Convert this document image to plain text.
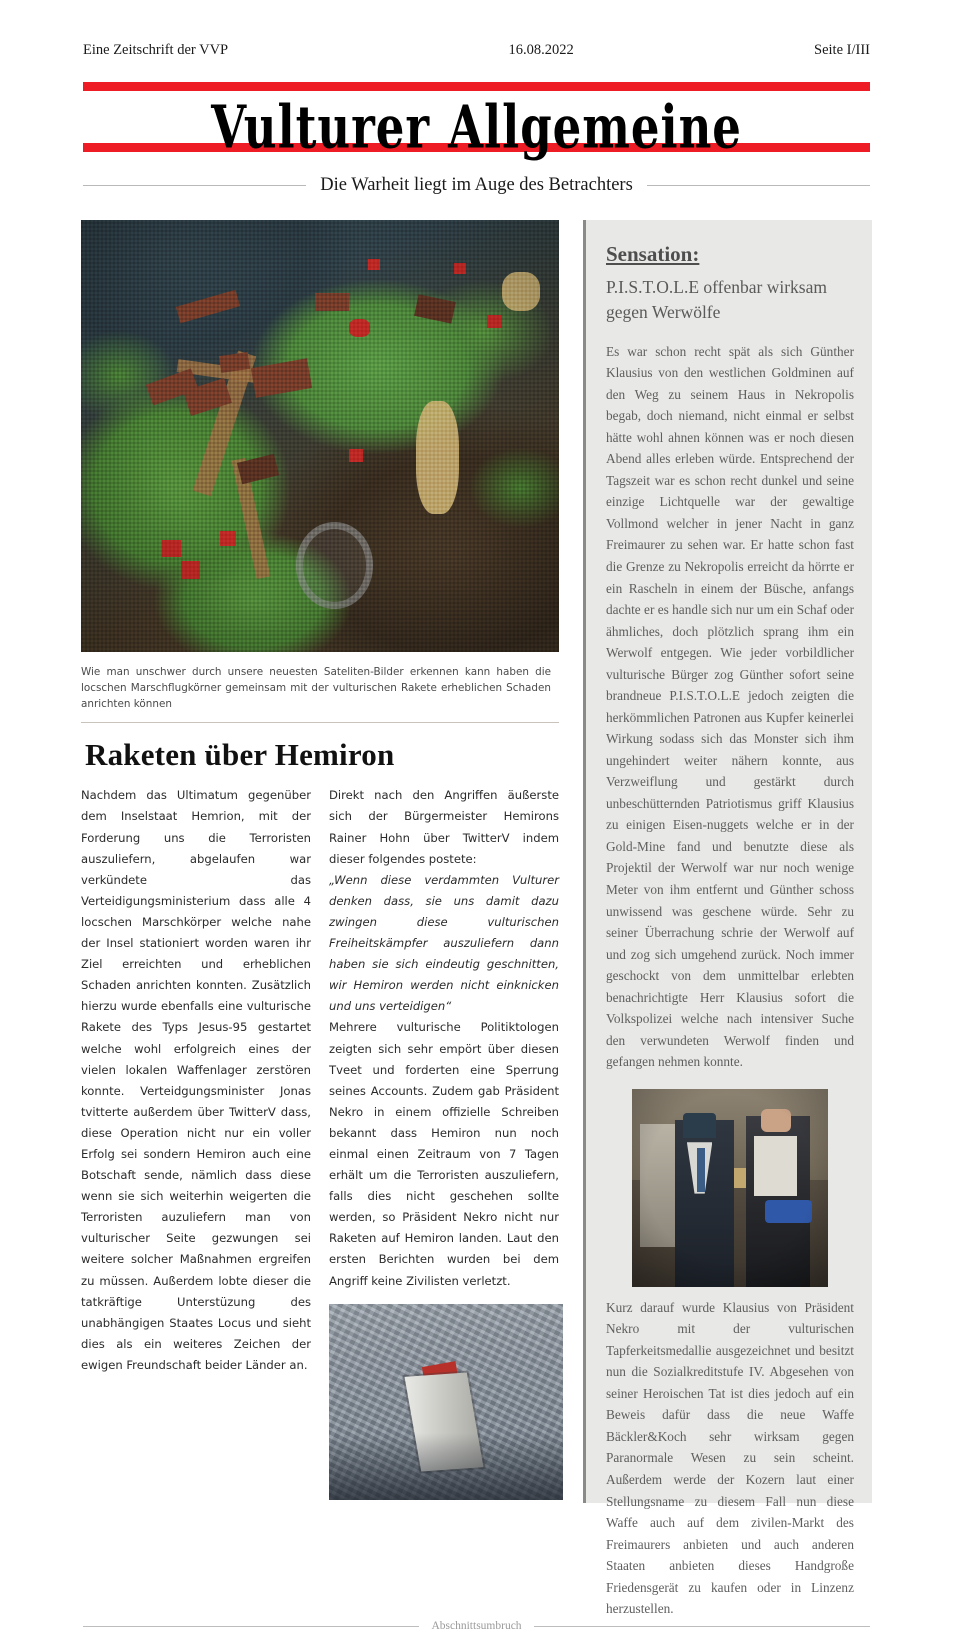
Eine Zeitschrift der VVP	16.08.2022	Seite I/III
Vulturer Allgemeine
Die Warheit liegt im Auge des Betrachters
Wie man unschwer durch unsere neuesten Sateliten-Bilder erkennen kann haben die locschen Marschflugkörner gemeinsam mit der vulturischen Rakete erheblichen Schaden anrichten können
Raketen über Hemiron

Nachdem das Ultimatum gegenüber dem Inselstaat Hemrion, mit der Forderung uns die Terroristen auszuliefern, abgelaufen war verkündete das Verteidigungsministerium dass alle 4 locschen Marschkörper welche nahe der Insel stationiert worden waren ihr Ziel erreichten und erheblichen Schaden anrichten konnten. Zusätzlich hierzu wurde ebenfalls eine vulturische Rakete des Typs Jesus-95 gestartet welche wohl erfolgreich eines der vielen lokalen Waffenlager zerstören konnte. Verteidgungsminister Jonas tvitterte außerdem über TwitterV dass, diese Operation nicht nur ein voller Erfolg sei sondern Hemiron auch eine Botschaft sende, nämlich dass diese wenn sie sich weiterhin weigerten die Terroristen auzuliefern man von vulturischer Seite gezwungen sei weitere solcher Maßnahmen ergreifen zu müssen. Außerdem lobte dieser die tatkräftige Unterstüzung des unabhängigen Staates Locus und sieht dies als ein weiteres Zeichen der ewigen Freundschaft beider Länder an.

Direkt nach den Angriffen äußerste sich der Bürgermeister Hemirons Rainer Hohn über TwitterV indem dieser folgendes postete:

„Wenn diese verdammten Vulturer denken dass, sie uns damit dazu zwingen diese vulturischen Freiheitskämpfer auszuliefern dann haben sie sich eindeutig geschnitten, wir Hemiron werden nicht einknicken und uns verteidigen“

Mehrere vulturische Politiktologen zeigten sich sehr empört über diesen Tveet und forderten eine Sperrung seines Accounts. Zudem gab Präsident Nekro in einem offizielle Schreiben bekannt dass Hemiron nun noch einmal einen Zeitraum von 7 Tagen erhält um die Terroristen auszuliefern, falls dies nicht geschehen sollte werden, so Präsident Nekro nicht nur Raketen auf Hemiron landen. Laut den ersten Berichten wurden bei dem Angriff keine Zivilisten verletzt.

Sensation:
P.I.S.T.O.L.E offenbar wirksam gegen Werwölfe
Es war schon recht spät als sich Günther Klausius von den westlichen Goldminen auf den Weg zu seinem Haus in Nekropolis begab, doch niemand, nicht einmal er selbst hätte wohl ahnen können was er noch diesen Abend alles erleben würde. Entsprechend der Tagszeit war es schon recht dunkel und seine einzige Lichtquelle war der gewaltige Vollmond welcher in jener Nacht in ganz Freimaurer zu sehen war. Er hatte schon fast die Grenze zu Nekropolis erreicht da hörrte er ein Rascheln in einem der Büsche, anfangs dachte er es handle sich nur um ein Schaf oder ähmliches, doch plötzlich sprang ihm ein Werwolf entgegen. Wie jeder vorbildlicher vulturische Bürger zog Günther sofort seine brandneue P.I.S.T.O.L.E jedoch zeigten die herkömmlichen Patronen aus Kupfer keinerlei Wirkung sodass sich das Monster sich ihm ungehindert weiter nähern konnte, aus Verzweiflung und gestärkt durch unbeschütternden Patriotismus griff Klausius zu einigen Eisen-nuggets welche er in der Gold-Mine fand und benutzte diese als Projektil der Werwolf war nur noch wenige Meter von ihm entfernt und Günther schoss unwissend was geschene würde. Sehr zu seiner Überrachung schrie der Werwolf auf und zog sich umgehend zurück. Noch immer geschockt von dem unmittelbar erlebten benachrichtigte Herr Klausius sofort die Volkspolizei welche nach intensiver Suche den verwundeten Werwolf finden und gefangen nehmen konnte.
Kurz darauf wurde Klausius von Präsident Nekro mit der vulturischen Tapferkeitsmedallie ausgezeichnet und besitzt nun die Sozialkreditstufe IV. Abgesehen von seiner Heroischen Tat ist dies jedoch auf ein Beweis dafür dass die neue Waffe Bäckler&Koch sehr wirksam gegen Paranormale Wesen zu sein scheint. Außerdem werde der Kozern laut einer Stellungsname zu diesem Fall nun diese Waffe auch auf dem zivilen-Markt des Freimaurers anbieten und auch anderen Staaten anbieten dieses Handgroße Friedensgerät zu kaufen oder in Linzenz herzustellen.
Abschnittsumbruch
